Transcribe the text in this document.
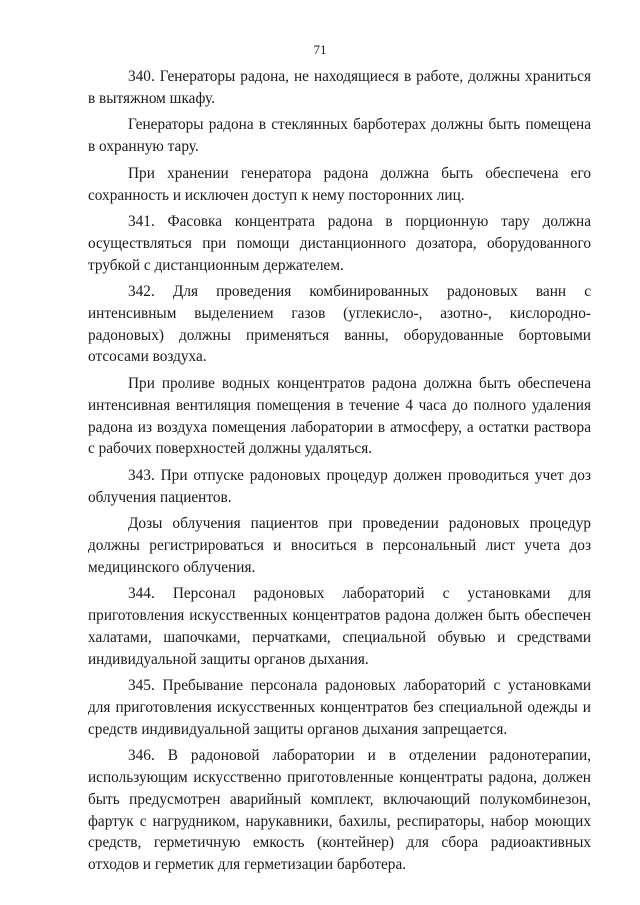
71

340. Генераторы радона, не находящиеся в работе, должны храниться в вытяжном шкафу.

Генераторы радона в стеклянных барботерах должны быть помещена в охранную тару.

При хранении генератора радона должна быть обеспечена его сохранность и исключен доступ к нему посторонних лиц.

341. Фасовка концентрата радона в порционную тару должна осуществляться при помощи дистанционного дозатора, оборудованного трубкой с дистанционным держателем.

342. Для проведения комбинированных радоновых ванн с интенсивным выделением газов (углекисло-, азотно-, кислородно-радоновых) должны применяться ванны, оборудованные бортовыми отсосами воздуха.

При проливе водных концентратов радона должна быть обеспечена интенсивная вентиляция помещения в течение 4 часа до полного удаления радона из воздуха помещения лаборатории в атмосферу, а остатки раствора с рабочих поверхностей должны удаляться.

343. При отпуске радоновых процедур должен проводиться учет доз облучения пациентов.

Дозы облучения пациентов при проведении радоновых процедур должны регистрироваться и вноситься в персональный лист учета доз медицинского облучения.

344. Персонал радоновых лабораторий с установками для приготовления искусственных концентратов радона должен быть обеспечен халатами, шапочками, перчатками, специальной обувью и средствами индивидуальной защиты органов дыхания.

345. Пребывание персонала радоновых лабораторий с установками для приготовления искусственных концентратов без специальной одежды и средств индивидуальной защиты органов дыхания запрещается.

346. В радоновой лаборатории и в отделении радонотерапии, использующим искусственно приготовленные концентраты радона, должен быть предусмотрен аварийный комплект, включающий полукомбинезон, фартук с нагрудником, нарукавники, бахилы, респираторы, набор моющих средств, герметичную емкость (контейнер) для сбора радиоактивных отходов и герметик для герметизации барботера.
